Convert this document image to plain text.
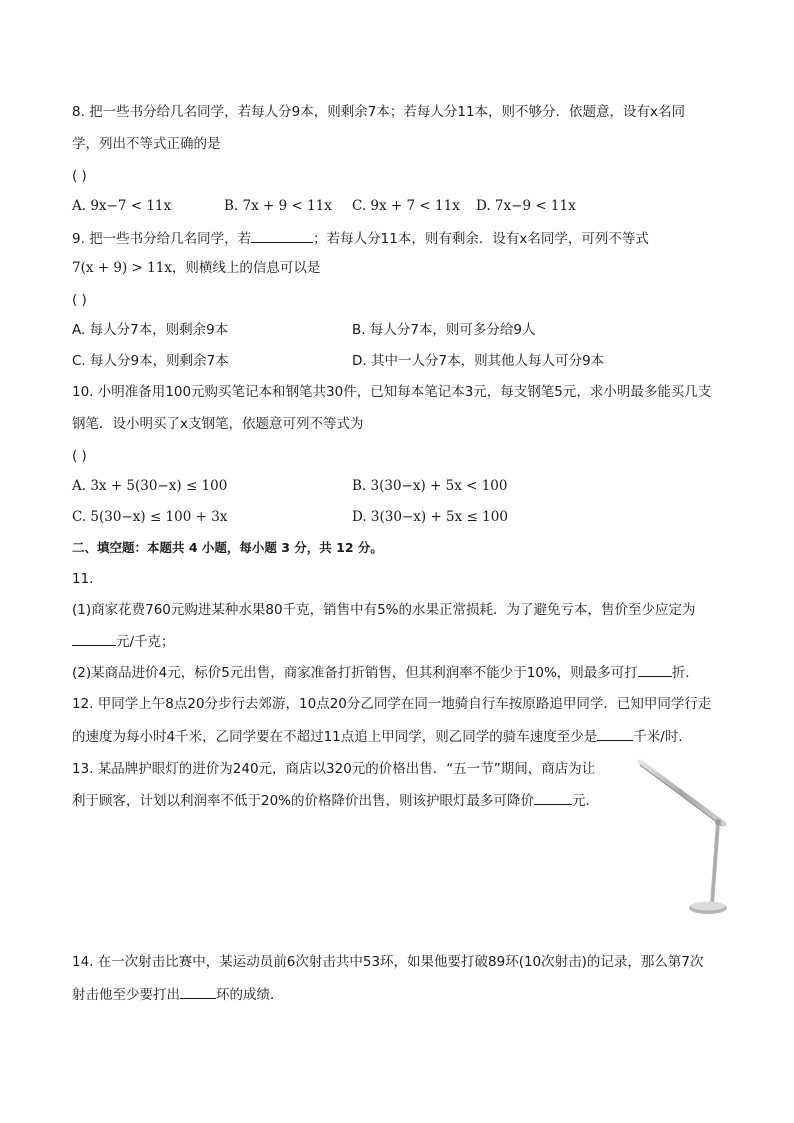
8. 把一些书分给几名同学，若每人分9本，则剩余7本；若每人分11本，则不够分．依题意，设有x名同
学，列出不等式正确的是
( )
A. 9x−7 < 11x	B. 7x + 9 < 11x C. 9x + 7 < 11x D. 7x−9 < 11x
9. 把一些书分给几名同学，若	；若每人分11本，则有剩余．设有x名同学，可列不等式
7(x + 9) > 11x，则横线上的信息可以是
( )
A. 每人分7本，则剩余9本	B. 每人分7本，则可多分给9人
C. 每人分9本，则剩余7本	D. 其中一人分7本，则其他人每人可分9本
10. 小明准备用100元购买笔记本和钢笔共30件，已知每本笔记本3元，每支钢笔5元，求小明最多能买几支
钢笔．设小明买了x支钢笔，依题意可列不等式为
( )
A. 3x + 5(30−x) ≤ 100	B. 3(30−x) + 5x < 100
C. 5(30−x) ≤ 100 + 3x	D. 3(30−x) + 5x ≤ 100
二、填空题：本题共 4 小题，每小题 3 分，共 12 分。
11.
(1)商家花费760元购进某种水果80千克，销售中有5%的水果正常损耗．为了避免亏本，售价至少应定为
元/千克；
(2)某商品进价4元，标价5元出售，商家准备打折销售，但其利润率不能少于10%，则最多可打	折．
12. 甲同学上午8点20分步行去郊游，10点20分乙同学在同一地骑自行车按原路追甲同学．已知甲同学行走
的速度为每小时4千米，乙同学要在不超过11点追上甲同学，则乙同学的骑车速度至少是	千米/时．
13. 某品牌护眼灯的进价为240元，商店以320元的价格出售．“五一节”期间，商店为让
利于顾客，计划以利润率不低于20%的价格降价出售，则该护眼灯最多可降价	元．
14. 在一次射击比赛中，某运动员前6次射击共中53环，如果他要打破89环(10次射击)的记录，那么第7次
射击他至少要打出	环的成绩．
